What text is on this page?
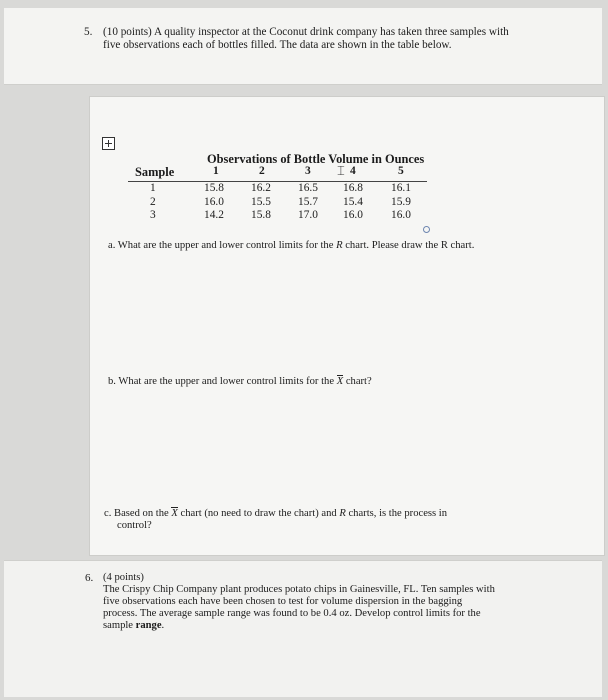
5. (10 points) A quality inspector at the Coconut drink company has taken three samples with
five observations each of bottles filled. The data are shown in the table below.
Observations of Bottle Volume in Ounces
Sample	1	2	3 ⌶ 4	5
1	15.8 16.2 16.5 16.8 16.1
2	16.0 15.5 15.7 15.4 15.9
3	14.2 15.8 17.0 16.0 16.0
a. What are the upper and lower control limits for the R chart. Please draw the R chart.
b. What are the upper and lower control limits for the X chart?
c. Based on the X chart (no need to draw the chart) and R charts, is the process in
control?
6. (4 points)
The Crispy Chip Company plant produces potato chips in Gainesville, FL. Ten samples with
five observations each have been chosen to test for volume dispersion in the bagging
process. The average sample range was found to be 0.4 oz. Develop control limits for the
sample range.
